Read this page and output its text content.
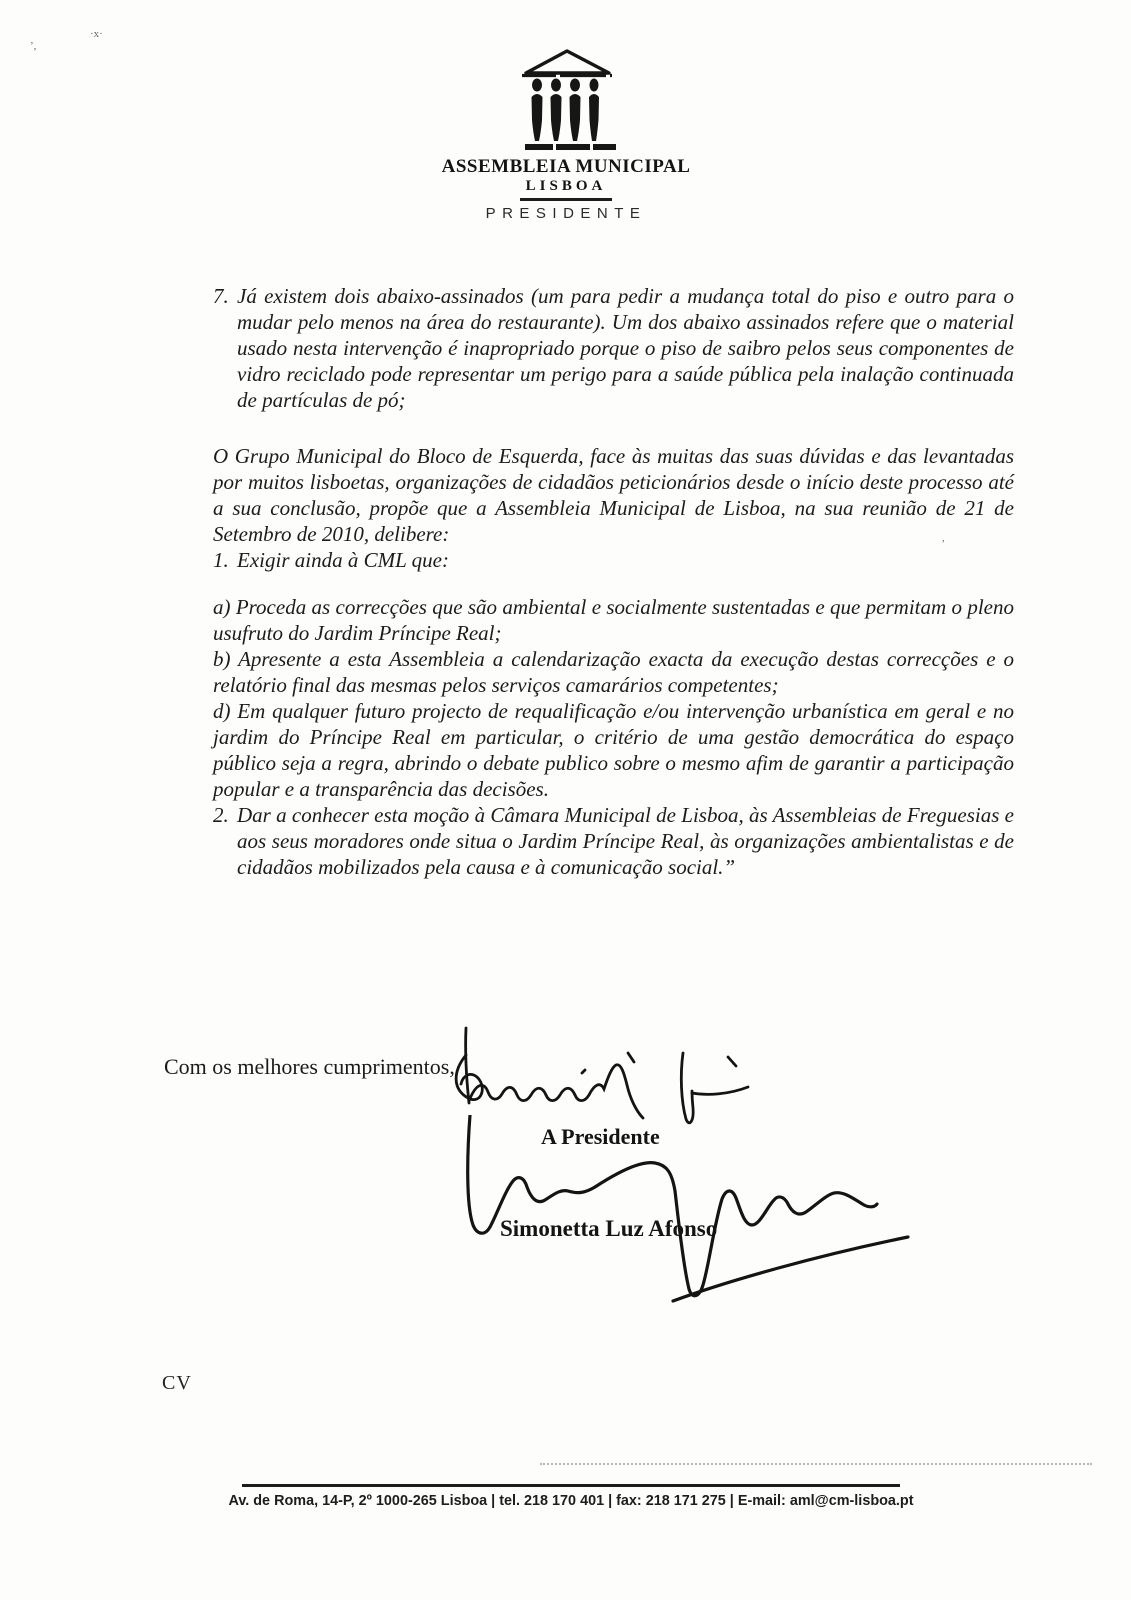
ʼ,
·x·
,
ASSEMBLEIA MUNICIPAL
LISBOA
PRESIDENTE
7. Já existem dois abaixo-assinados (um para pedir a mudança total do piso e outro para o mudar pelo menos na área do restaurante). Um dos abaixo assinados refere que o material usado nesta intervenção é inapropriado porque o piso de saibro pelos seus componentes de vidro reciclado pode representar um perigo para a saúde pública pela inalação continuada de partículas de pó;

O Grupo Municipal do Bloco de Esquerda, face às muitas das suas dúvidas e das levantadas por muitos lisboetas, organizações de cidadãos peticionários desde o início deste processo até a sua conclusão, propõe que a Assembleia Municipal de Lisboa, na sua reunião de 21 de Setembro de 2010, delibere:

1. Exigir ainda à CML que:

a) Proceda as correcções que são ambiental e socialmente sustentadas e que permitam o pleno usufruto do Jardim Príncipe Real;

b) Apresente a esta Assembleia a calendarização exacta da execução destas correcções e o relatório final das mesmas pelos serviços camarários competentes;

d) Em qualquer futuro projecto de requalificação e/ou intervenção urbanística em geral e no jardim do Príncipe Real em particular, o critério de uma gestão democrática do espaço público seja a regra, abrindo o debate publico sobre o mesmo afim de garantir a participação popular e a transparência das decisões.

2. Dar a conhecer esta moção à Câmara Municipal de Lisboa, às Assembleias de Freguesias e aos seus moradores onde situa o Jardim Príncipe Real, às organizações ambientalistas e de cidadãos mobilizados pela causa e à comunicação social.”
Com os melhores cumprimentos,
A Presidente
Simonetta Luz Afonso
CV
Av. de Roma, 14-P, 2º 1000-265 Lisboa | tel. 218 170 401 | fax: 218 171 275 | E-mail: aml@cm-lisboa.pt
